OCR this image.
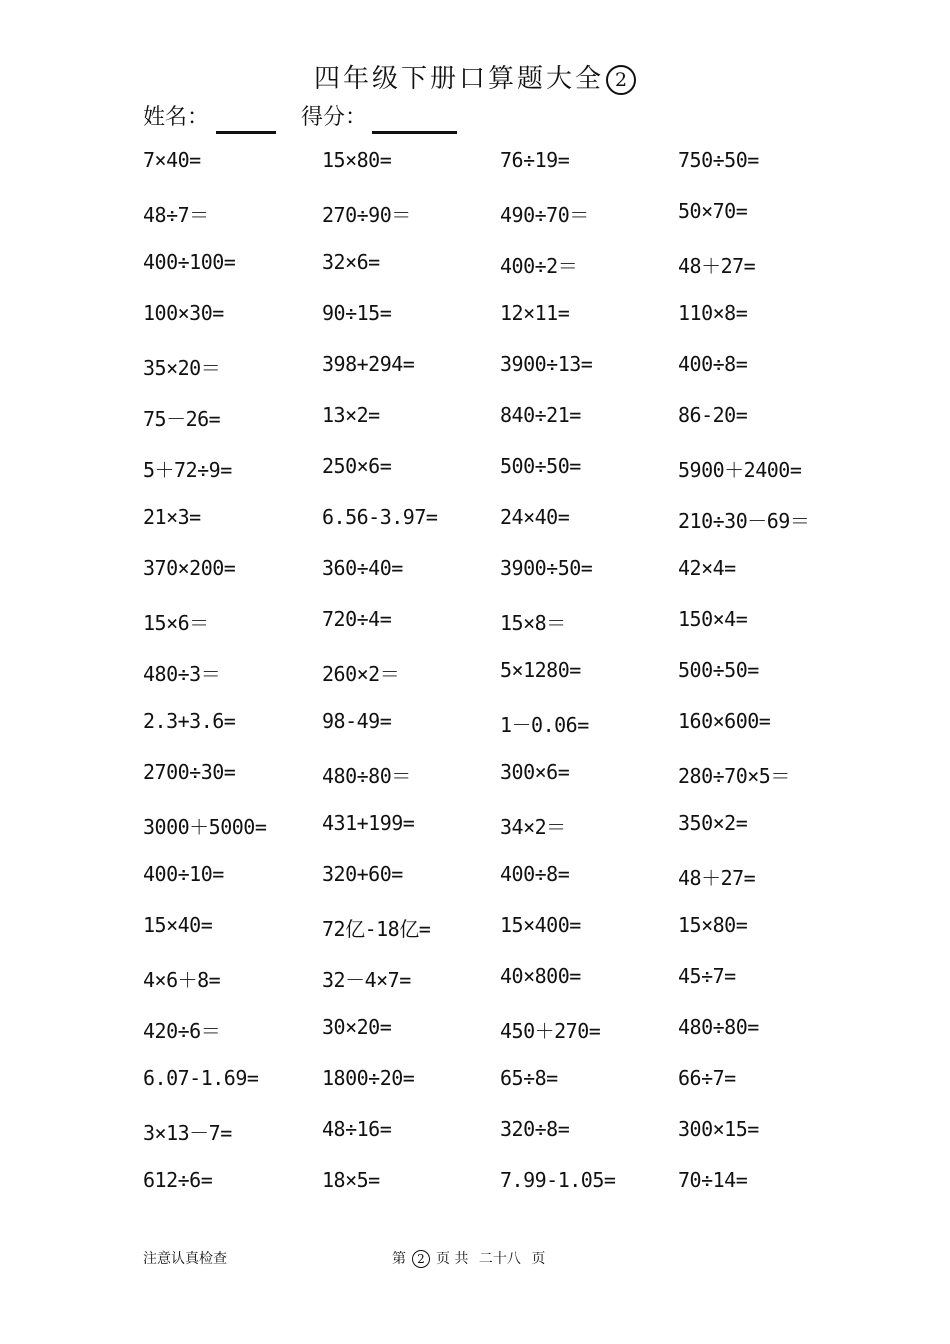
四年级下册口算题大全 2
姓名：	得分：
7×40=	15×80=	76÷19=	750÷50=
48÷7＝	270÷90＝	490÷70＝	50×70=
400÷100=	32×6=	400÷2＝	48＋27=
100×30=	90÷15=	12×11=	110×8=
35×20＝	398+294=	3900÷13=	400÷8=
75－26=	13×2=	840÷21=	86-20=
5＋72÷9=	250×6=	500÷50=	5900＋2400=
21×3=	6.56-3.97=	24×40=	210÷30－69＝
370×200=	360÷40=	3900÷50=	42×4=
15×6＝	720÷4=	15×8＝	150×4=
480÷3＝	260×2＝	5×1280=	500÷50=
2.3+3.6=	98-49=	1－0.06=	160×600=
2700÷30=	480÷80＝	300×6=	280÷70×5＝
3000＋5000=	431+199=	34×2＝	350×2=
400÷10=	320+60=	400÷8=	48＋27=
15×40=	72亿-18亿=	15×400=	15×80=
4×6＋8=	32－4×7=	40×800=	45÷7=
420÷6＝	30×20=	450＋270=	480÷80=
6.07-1.69=	1800÷20=	65÷8=	66÷7=
3×13－7=	48÷16=	320÷8=	300×15=
612÷6=	18×5=	7.99-1.05=	70÷14=
注意认真检查	第 2 页 共 二十八 页
